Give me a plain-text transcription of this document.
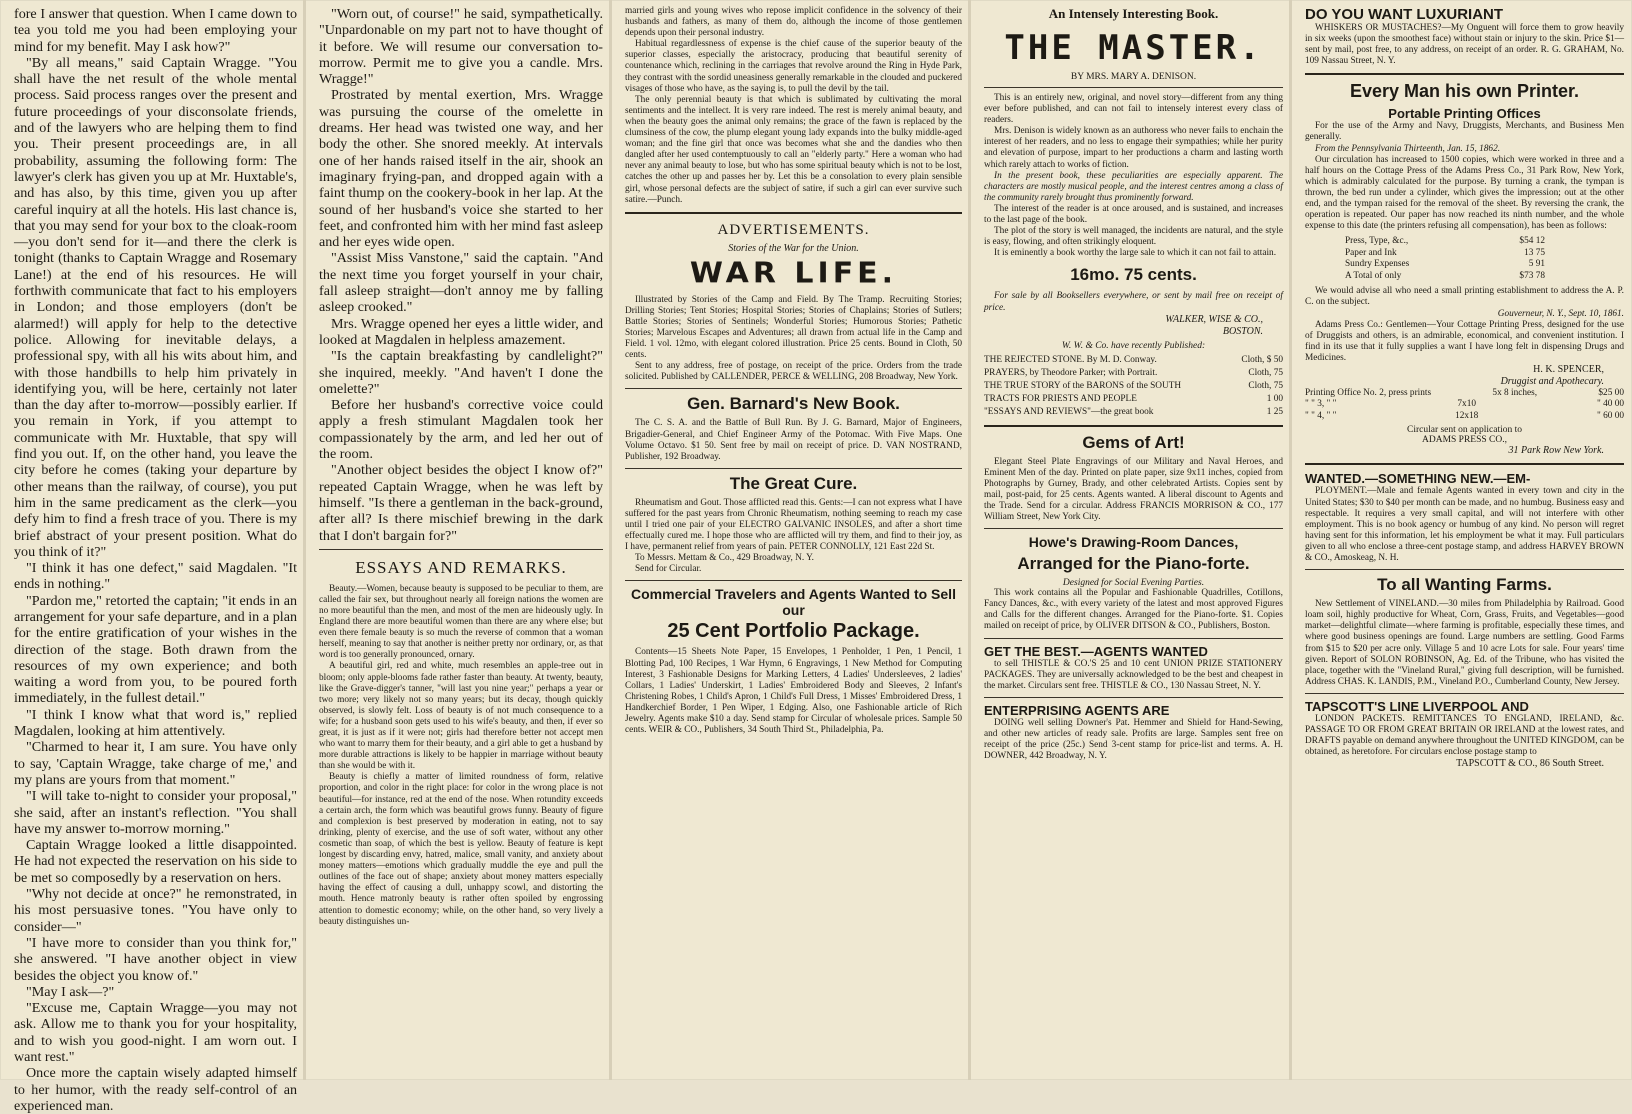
fore I answer that question. When I came down to tea you told me you had been employing your mind for my benefit. May I ask how?"

"By all means," said Captain Wragge. "You shall have the net result of the whole mental process. Said process ranges over the present and future proceedings of your disconsolate friends, and of the lawyers who are helping them to find you. Their present proceedings are, in all probability, assuming the following form: The lawyer's clerk has given you up at Mr. Huxtable's, and has also, by this time, given you up after careful inquiry at all the hotels. His last chance is, that you may send for your box to the cloak-room—you don't send for it—and there the clerk is tonight (thanks to Captain Wragge and Rosemary Lane!) at the end of his resources. He will forthwith communicate that fact to his employers in London; and those employers (don't be alarmed!) will apply for help to the detective police. Allowing for inevitable delays, a professional spy, with all his wits about him, and with those handbills to help him privately in identifying you, will be here, certainly not later than the day after to-morrow—possibly earlier. If you remain in York, if you attempt to communicate with Mr. Huxtable, that spy will find you out. If, on the other hand, you leave the city before he comes (taking your departure by other means than the railway, of course), you put him in the same predicament as the clerk—you defy him to find a fresh trace of you. There is my brief abstract of your present position. What do you think of it?"

"I think it has one defect," said Magdalen. "It ends in nothing."

"Pardon me," retorted the captain; "it ends in an arrangement for your safe departure, and in a plan for the entire gratification of your wishes in the direction of the stage. Both drawn from the resources of my own experience; and both waiting a word from you, to be poured forth immediately, in the fullest detail."

"I think I know what that word is," replied Magdalen, looking at him attentively.

"Charmed to hear it, I am sure. You have only to say, 'Captain Wragge, take charge of me,' and my plans are yours from that moment."

"I will take to-night to consider your proposal," she said, after an instant's reflection. "You shall have my answer to-morrow morning."

Captain Wragge looked a little disappointed. He had not expected the reservation on his side to be met so composedly by a reservation on hers.

"Why not decide at once?" he remonstrated, in his most persuasive tones. "You have only to consider—"

"I have more to consider than you think for," she answered. "I have another object in view besides the object you know of."

"May I ask—?"

"Excuse me, Captain Wragge—you may not ask. Allow me to thank you for your hospitality, and to wish you good-night. I am worn out. I want rest."

Once more the captain wisely adapted himself to her humor, with the ready self-control of an experienced man.

"Worn out, of course!" he said, sympathetically. "Unpardonable on my part not to have thought of it before. We will resume our conversation to-morrow. Permit me to give you a candle. Mrs. Wragge!"

Prostrated by mental exertion, Mrs. Wragge was pursuing the course of the omelette in dreams. Her head was twisted one way, and her body the other. She snored meekly. At intervals one of her hands raised itself in the air, shook an imaginary frying-pan, and dropped again with a faint thump on the cookery-book in her lap. At the sound of her husband's voice she started to her feet, and confronted him with her mind fast asleep and her eyes wide open.

"Assist Miss Vanstone," said the captain. "And the next time you forget yourself in your chair, fall asleep straight—don't annoy me by falling asleep crooked."

Mrs. Wragge opened her eyes a little wider, and looked at Magdalen in helpless amazement.

"Is the captain breakfasting by candlelight?" she inquired, meekly. "And haven't I done the omelette?"

Before her husband's corrective voice could apply a fresh stimulant Magdalen took her compassionately by the arm, and led her out of the room.

"Another object besides the object I know of?" repeated Captain Wragge, when he was left by himself. "Is there a gentleman in the back-ground, after all? Is there mischief brewing in the dark that I don't bargain for?"

ESSAYS AND REMARKS.

Beauty.—Women, because beauty is supposed to be peculiar to them, are called the fair sex, but throughout nearly all foreign nations the women are no more beautiful than the men, and most of the men are hideously ugly. In England there are more beautiful women than there are any where else; but even there female beauty is so much the reverse of common that a woman herself, meaning to say that another is neither pretty nor ordinary, or, as that word is too generally pronounced, ornary.

A beautiful girl, red and white, much resembles an apple-tree out in bloom; only apple-blooms fade rather faster than beauty. At twenty, beauty, like the Grave-digger's tanner, "will last you nine year;" perhaps a year or two more; very likely not so many years; but its decay, though quickly observed, is slowly felt. Loss of beauty is of not much consequence to a wife; for a husband soon gets used to his wife's beauty, and then, if ever so great, it is just as if it were not; girls had therefore better not accept men who want to marry them for their beauty, and a girl able to get a husband by more durable attractions is likely to be happier in marriage without beauty than she would be with it.

Beauty is chiefly a matter of limited roundness of form, relative proportion, and color in the right place: for color in the wrong place is not beautiful—for instance, red at the end of the nose. When rotundity exceeds a certain arch, the form which was beautiful grows funny. Beauty of figure and complexion is best preserved by moderation in eating, not to say drinking, plenty of exercise, and the use of soft water, without any other cosmetic than soap, of which the best is yellow. Beauty of feature is kept longest by discarding envy, hatred, malice, small vanity, and anxiety about money matters—emotions which gradually muddle the eye and pull the outlines of the face out of shape; anxiety about money matters especially having the effect of causing a dull, unhappy scowl, and distorting the mouth. Hence matronly beauty is rather often spoiled by engrossing attention to domestic economy; while, on the other hand, so very lively a beauty distinguishes un-

married girls and young wives who repose implicit confidence in the solvency of their husbands and fathers, as many of them do, although the income of those gentlemen depends upon their personal industry.

Habitual regardlessness of expense is the chief cause of the superior beauty of the superior classes, especially the aristocracy, producing that beautiful serenity of countenance which, reclining in the carriages that revolve around the Ring in Hyde Park, they contrast with the sordid uneasiness generally remarkable in the clouded and puckered visages of those who have, as the saying is, to pull the devil by the tail.

The only perennial beauty is that which is sublimated by cultivating the moral sentiments and the intellect. It is very rare indeed. The rest is merely animal beauty, and when the beauty goes the animal only remains; the grace of the fawn is replaced by the clumsiness of the cow, the plump elegant young lady expands into the bulky middle-aged woman; and the fine girl that once was becomes what she and the dandies who then dangled after her used contemptuously to call an "elderly party." Here a woman who had never any animal beauty to lose, but who has some spiritual beauty which is not to be lost, catches the other up and passes her by. Let this be a consolation to every plain sensible girl, whose personal defects are the subject of satire, if such a girl can ever survive such satire.—Punch.

ADVERTISEMENTS.
Stories of the War for the Union.
WAR LIFE.

Illustrated by Stories of the Camp and Field. By The Tramp. Recruiting Stories; Drilling Stories; Tent Stories; Hospital Stories; Stories of Chaplains; Stories of Sutlers; Battle Stories; Stories of Sentinels; Wonderful Stories; Humorous Stories; Pathetic Stories; Marvelous Escapes and Adventures; all drawn from actual life in the Camp and Field. 1 vol. 12mo, with elegant colored illustration. Price 25 cents. Bound in Cloth, 50 cents.

Sent to any address, free of postage, on receipt of the price. Orders from the trade solicited. Published by CALLENDER, PERCE & WELLING, 208 Broadway, New York.

Gen. Barnard's New Book.

The C. S. A. and the Battle of Bull Run. By J. G. Barnard, Major of Engineers, Brigadier-General, and Chief Engineer Army of the Potomac. With Five Maps. One Volume Octavo. $1 50. Sent free by mail on receipt of price. D. VAN NOSTRAND, Publisher, 192 Broadway.

The Great Cure.

Rheumatism and Gout. Those afflicted read this. Gents:—I can not express what I have suffered for the past years from Chronic Rheumatism, nothing seeming to reach my case until I tried one pair of your ELECTRO GALVANIC INSOLES, and after a short time effectually cured me. I hope those who are afflicted will try them, and find to their joy, as I have, permanent relief from years of pain. PETER CONNOLLY, 121 East 22d St.

To Messrs. Mettam & Co., 429 Broadway, N. Y.

Send for Circular.

Commercial Travelers and Agents Wanted to Sell our
25 Cent Portfolio Package.

Contents—15 Sheets Note Paper, 15 Envelopes, 1 Penholder, 1 Pen, 1 Pencil, 1 Blotting Pad, 100 Recipes, 1 War Hymn, 6 Engravings, 1 New Method for Computing Interest, 3 Fashionable Designs for Marking Letters, 4 Ladies' Undersleeves, 2 ladies' Collars, 1 Ladies' Underskirt, 1 Ladies' Embroidered Body and Sleeves, 2 Infant's Christening Robes, 1 Child's Apron, 1 Child's Full Dress, 1 Misses' Embroidered Dress, 1 Handkerchief Border, 1 Pen Wiper, 1 Edging. Also, one Fashionable article of Rich Jewelry. Agents make $10 a day. Send stamp for Circular of wholesale prices. Sample 50 cents. WEIR & CO., Publishers, 34 South Third St., Philadelphia, Pa.

An Intensely Interesting Book.
THE MASTER.
BY MRS. MARY A. DENISON.

This is an entirely new, original, and novel story—different from any thing ever before published, and can not fail to intensely interest every class of readers.

Mrs. Denison is widely known as an authoress who never fails to enchain the interest of her readers, and no less to engage their sympathies; while her purity and elevation of purpose, impart to her productions a charm and lasting worth which rarely attach to works of fiction.

In the present book, these peculiarities are especially apparent. The characters are mostly musical people, and the interest centres among a class of the community rarely brought thus prominently forward.

The interest of the reader is at once aroused, and is sustained, and increases to the last page of the book.

The plot of the story is well managed, the incidents are natural, and the style is easy, flowing, and often strikingly eloquent.

It is eminently a book worthy the large sale to which it can not fail to attain.

16mo. 75 cents.

For sale by all Booksellers everywhere, or sent by mail free on receipt of price.

WALKER, WISE & CO.,
BOSTON.
W. W. & Co. have recently Published:
THE REJECTED STONE. By M. D. Conway.	Cloth, $ 50
PRAYERS, by Theodore Parker; with Portrait.	Cloth, 75
THE TRUE STORY of the BARONS of the SOUTH	Cloth, 75
TRACTS FOR PRIESTS AND PEOPLE	1 00
"ESSAYS AND REVIEWS"—the great book	1 25
Gems of Art!

Elegant Steel Plate Engravings of our Military and Naval Heroes, and Eminent Men of the day. Printed on plate paper, size 9x11 inches, copied from Photographs by Gurney, Brady, and other celebrated Artists. Copies sent by mail, post-paid, for 25 cents. Agents wanted. A liberal discount to Agents and the Trade. Send for a circular. Address FRANCIS MORRISON & CO., 177 William Street, New York City.

Howe's Drawing-Room Dances,
Arranged for the Piano-forte.
Designed for Social Evening Parties.

This work contains all the Popular and Fashionable Quadrilles, Cotillons, Fancy Dances, &c., with every variety of the latest and most approved Figures and Calls for the different changes. Arranged for the Piano-forte. $1. Copies mailed on receipt of price, by OLIVER DITSON & CO., Publishers, Boston.

GET THE BEST.—AGENTS WANTED

to sell THISTLE & CO.'S 25 and 10 cent UNION PRIZE STATIONERY PACKAGES. They are universally acknowledged to be the best and cheapest in the market. Circulars sent free. THISTLE & CO., 130 Nassau Street, N. Y.

ENTERPRISING AGENTS ARE

DOING well selling Downer's Pat. Hemmer and Shield for Hand-Sewing, and other new articles of ready sale. Profits are large. Samples sent free on receipt of the price (25c.) Send 3-cent stamp for price-list and terms. A. H. DOWNER, 442 Broadway, N. Y.

DO YOU WANT LUXURIANT

WHISKERS OR MUSTACHES?—My Onguent will force them to grow heavily in six weeks (upon the smoothest face) without stain or injury to the skin. Price $1—sent by mail, post free, to any address, on receipt of an order. R. G. GRAHAM, No. 109 Nassau Street, N. Y.

Every Man his own Printer.
Portable Printing Offices

For the use of the Army and Navy, Druggists, Merchants, and Business Men generally.

From the Pennsylvania Thirteenth, Jan. 15, 1862.

Our circulation has increased to 1500 copies, which were worked in three and a half hours on the Cottage Press of the Adams Press Co., 31 Park Row, New York, which is admirably calculated for the purpose. By turning a crank, the tympan is thrown, the bed run under a cylinder, which gives the impression; out at the other end, and the tympan raised for the removal of the sheet. By reversing the crank, the operation is repeated. Our paper has now reached its ninth number, and the whole expense to this date (the printers refusing all compensation), has been as follows:

Press, Type, &c.,	$54 12
Paper and Ink	13 75
Sundry Expenses	5 91
A Total of only	$73 78

We would advise all who need a small printing establishment to address the A. P. C. on the subject.

Gouverneur, N. Y., Sept. 10, 1861.

Adams Press Co.: Gentlemen—Your Cottage Printing Press, designed for the use of Druggists and others, is an admirable, economical, and convenient institution. I find in its use that it fully supplies a want I have long felt in dispensing Drugs and Medicines.

H. K. SPENCER,
Druggist and Apothecary.
Printing Office No. 2, press prints	5x 8 inches,	$25 00
" " 3, " "	7x10	" 40 00
" " 4, " "	12x18	" 60 00
Circular sent on application to
ADAMS PRESS CO.,
31 Park Row New York.
WANTED.—SOMETHING NEW.—EM-

PLOYMENT.—Male and female Agents wanted in every town and city in the United States; $30 to $40 per month can be made, and no humbug. Business easy and respectable. It requires a very small capital, and will not interfere with other employment. This is no book agency or humbug of any kind. No person will regret having sent for this information, let his employment be what it may. Full particulars given to all who enclose a three-cent postage stamp, and address HARVEY BROWN & CO., Amoskeag, N. H.

To all Wanting Farms.

New Settlement of VINELAND.—30 miles from Philadelphia by Railroad. Good loam soil, highly productive for Wheat, Corn, Grass, Fruits, and Vegetables—good market—delightful climate—where farming is profitable, especially these times, and where good business openings are found. Large numbers are settling. Good Farms from $15 to $20 per acre only. Village 5 and 10 acre Lots for sale. Four years' time given. Report of SOLON ROBINSON, Ag. Ed. of the Tribune, who has visited the place, together with the "Vineland Rural," giving full description, will be furnished. Address CHAS. K. LANDIS, P.M., Vineland P.O., Cumberland County, New Jersey.

TAPSCOTT'S LINE LIVERPOOL AND

LONDON PACKETS. REMITTANCES TO ENGLAND, IRELAND, &c. PASSAGE TO OR FROM GREAT BRITAIN OR IRELAND at the lowest rates, and DRAFTS payable on demand anywhere throughout the UNITED KINGDOM, can be obtained, as heretofore. For circulars enclose postage stamp to

TAPSCOTT & CO., 86 South Street.
